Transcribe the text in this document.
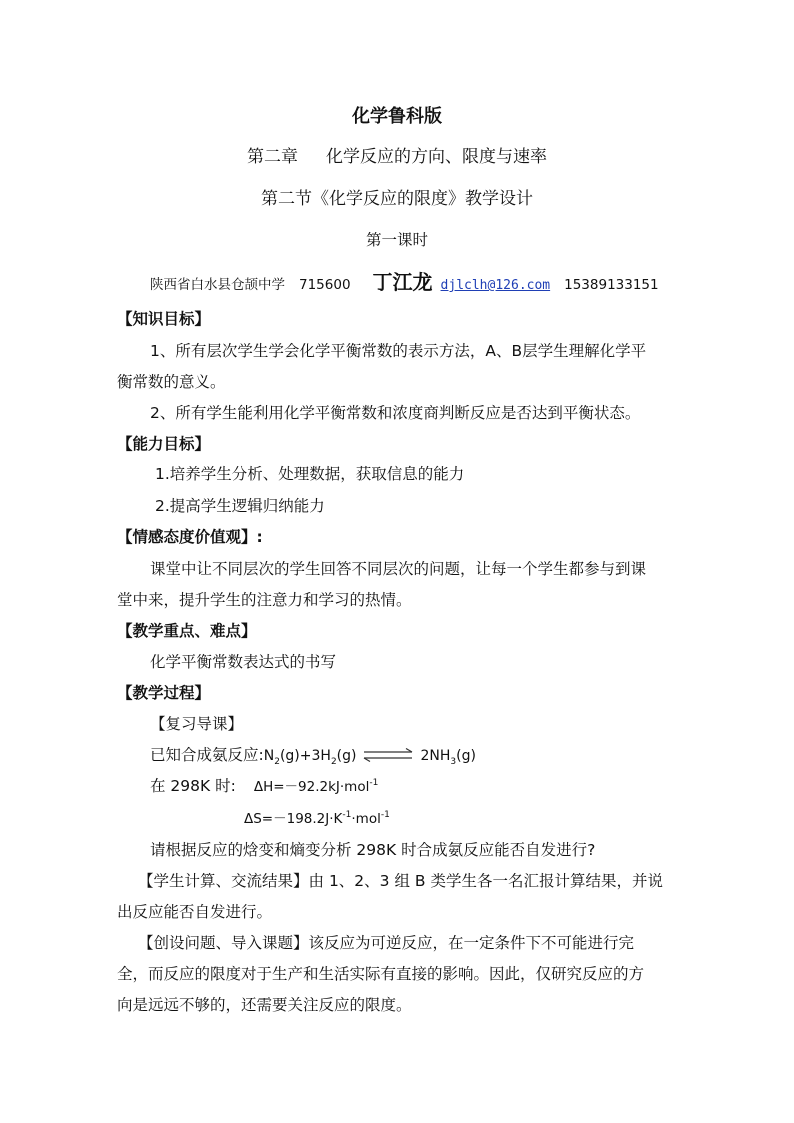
化学鲁科版
第二章 化学反应的方向、限度与速率
第二节《化学反应的限度》教学设计
第一课时
陕西省白水县仓颉中学 715600 丁江龙 djlclh@126.com 15389133151
【知识目标】
1、所有层次学生学会化学平衡常数的表示方法，A、B层学生理解化学平
衡常数的意义。
2、所有学生能利用化学平衡常数和浓度商判断反应是否达到平衡状态。
【能力目标】
1.培养学生分析、处理数据，获取信息的能力
2.提高学生逻辑归纳能力
【情感态度价值观】:
课堂中让不同层次的学生回答不同层次的问题，让每一个学生都参与到课
堂中来，提升学生的注意力和学习的热情。
【教学重点、难点】
化学平衡常数表达式的书写
【教学过程】
【复习导课】
已知合成氨反应$:N_2(g)+3H_2(g)$ ⇌ $2NH_3(g)$
在 298K 时: ΔH=－92.2kJ·mol$^{-1}$
$\Delta S=-198.2J\cdot K^{-1}\cdot mol^{-1}$
请根据反应的焓变和熵变分析 298K 时合成氨反应能否自发进行?
【学生计算、交流结果】由 1、2、3 组 B 类学生各一名汇报计算结果，并说
出反应能否自发进行。
【创设问题、导入课题】该反应为可逆反应，在一定条件下不可能进行完
全，而反应的限度对于生产和生活实际有直接的影响。因此，仅研究反应的方
向是远远不够的，还需要关注反应的限度。
